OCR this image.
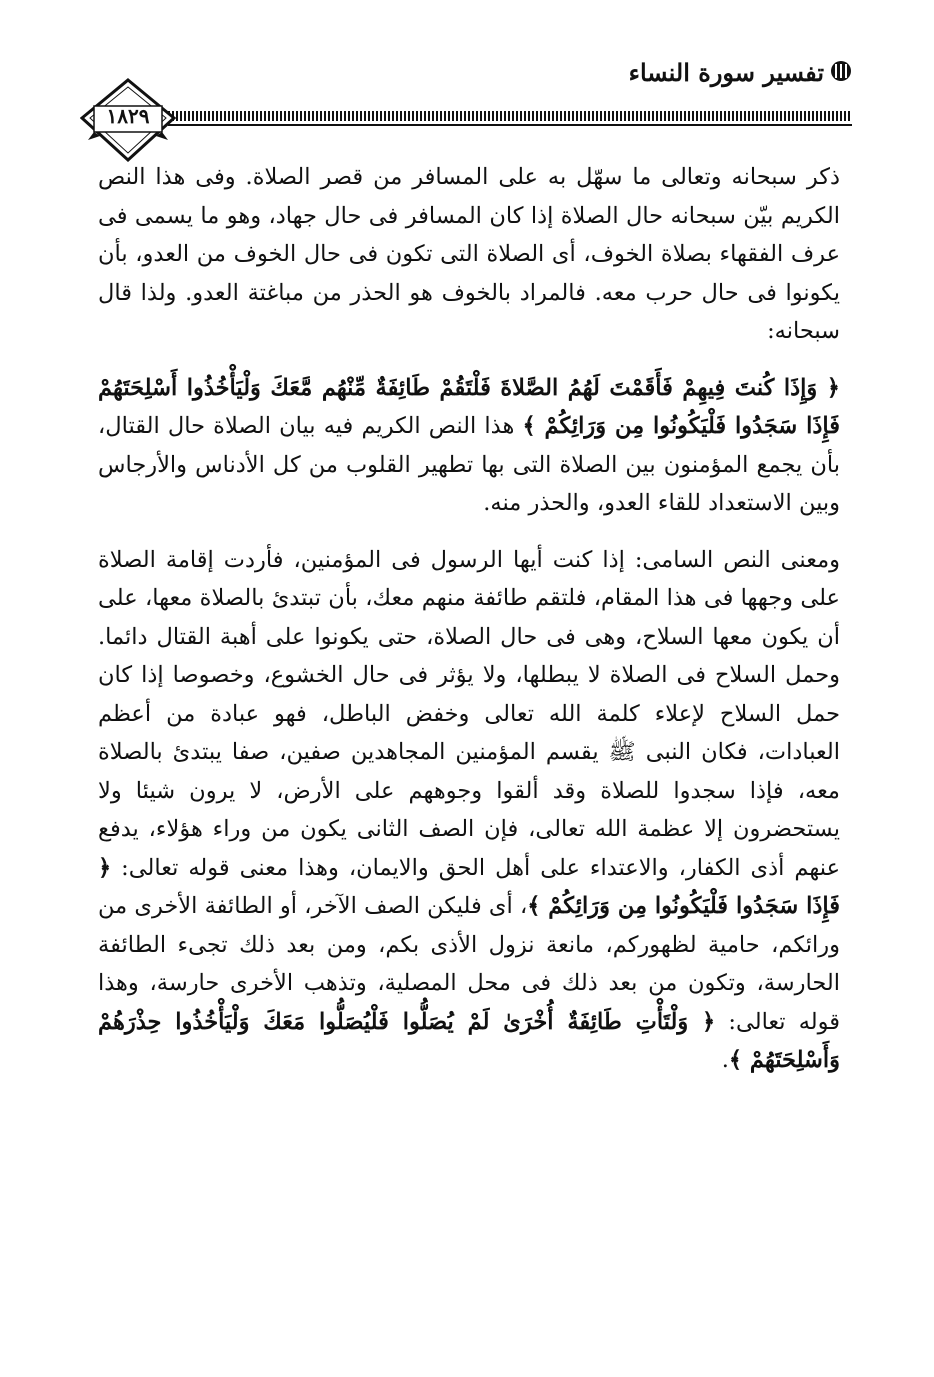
تفسير سورة النساء
١٨٢٩

ذكر سبحانه وتعالى ما سهّل به على المسافر من قصر الصلاة. وفى هذا النص الكريم بيّن سبحانه حال الصلاة إذا كان المسافر فى حال جهاد، وهو ما يسمى فى عرف الفقهاء بصلاة الخوف، أى الصلاة التى تكون فى حال الخوف من العدو، بأن يكونوا فى حال حرب معه. فالمراد بالخوف هو الحذر من مباغتة العدو. ولذا قال سبحانه:

﴿ وَإِذَا كُنتَ فِيهِمْ فَأَقَمْتَ لَهُمُ الصَّلاةَ فَلْتَقُمْ طَائِفَةٌ مِّنْهُم مَّعَكَ وَلْيَأْخُذُوا أَسْلِحَتَهُمْ فَإِذَا سَجَدُوا فَلْيَكُونُوا مِن وَرَائِكُمْ ﴾ هذا النص الكريم فيه بيان الصلاة حال القتال، بأن يجمع المؤمنون بين الصلاة التى بها تطهير القلوب من كل الأدناس والأرجاس وبين الاستعداد للقاء العدو، والحذر منه.

ومعنى النص السامى: إذا كنت أيها الرسول فى المؤمنين، فأردت إقامة الصلاة على وجهها فى هذا المقام، فلتقم طائفة منهم معك، بأن تبتدئ بالصلاة معها، على أن يكون معها السلاح، وهى فى حال الصلاة، حتى يكونوا على أهبة القتال دائما. وحمل السلاح فى الصلاة لا يبطلها، ولا يؤثر فى حال الخشوع، وخصوصا إذا كان حمل السلاح لإعلاء كلمة الله تعالى وخفض الباطل، فهو عبادة من أعظم العبادات، فكان النبى ﷺ يقسم المؤمنين المجاهدين صفين، صفا يبتدئ بالصلاة معه، فإذا سجدوا للصلاة وقد ألقوا وجوههم على الأرض، لا يرون شيئا ولا يستحضرون إلا عظمة الله تعالى، فإن الصف الثانى يكون من وراء هؤلاء، يدفع عنهم أذى الكفار، والاعتداء على أهل الحق والايمان، وهذا معنى قوله تعالى: ﴿ فَإِذَا سَجَدُوا فَلْيَكُونُوا مِن وَرَائِكُمْ ﴾، أى فليكن الصف الآخر، أو الطائفة الأخرى من ورائكم، حامية لظهوركم، مانعة نزول الأذى بكم، ومن بعد ذلك تجىء الطائفة الحارسة، وتكون من بعد ذلك فى محل المصلية، وتذهب الأخرى حارسة، وهذا قوله تعالى: ﴿ وَلْتَأْتِ طَائِفَةٌ أُخْرَىٰ لَمْ يُصَلُّوا فَلْيُصَلُّوا مَعَكَ وَلْيَأْخُذُوا حِذْرَهُمْ وَأَسْلِحَتَهُمْ ﴾.
